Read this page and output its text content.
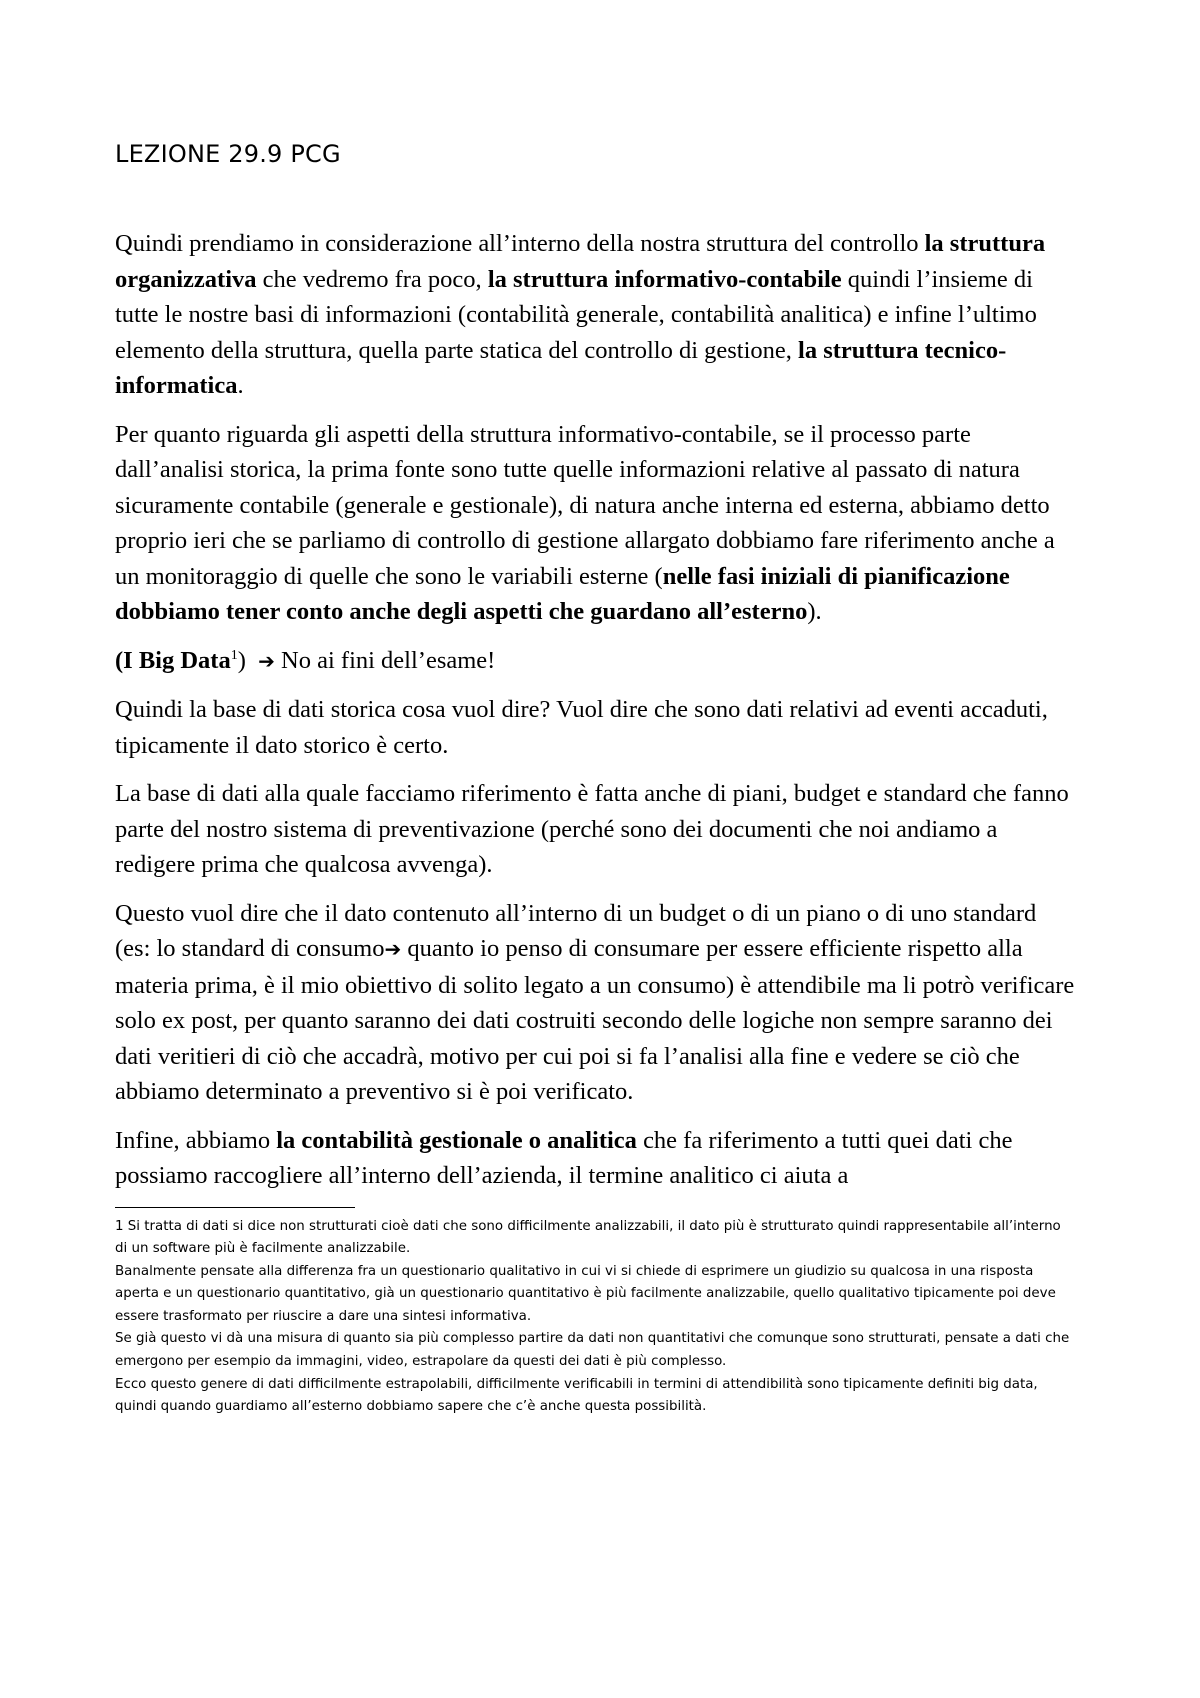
LEZIONE 29.9 PCG

Quindi prendiamo in considerazione all’interno della nostra struttura del controllo la struttura organizzativa che vedremo fra poco, la struttura informativo-contabile quindi l’insieme di tutte le nostre basi di informazioni (contabilità generale, contabilità analitica) e infine l’ultimo elemento della struttura, quella parte statica del controllo di gestione, la struttura tecnico-informatica.

Per quanto riguarda gli aspetti della struttura informativo-contabile, se il processo parte dall’analisi storica, la prima fonte sono tutte quelle informazioni relative al passato di natura sicuramente contabile (generale e gestionale), di natura anche interna ed esterna, abbiamo detto proprio ieri che se parliamo di controllo di gestione allargato dobbiamo fare riferimento anche a un monitoraggio di quelle che sono le variabili esterne (nelle fasi iniziali di pianificazione dobbiamo tener conto anche degli aspetti che guardano all’esterno).

(I Big Data$^1$) ➔ No ai fini dell’esame!

Quindi la base di dati storica cosa vuol dire? Vuol dire che sono dati relativi ad eventi accaduti, tipicamente il dato storico è certo.

La base di dati alla quale facciamo riferimento è fatta anche di piani, budget e standard che fanno parte del nostro sistema di preventivazione (perché sono dei documenti che noi andiamo a redigere prima che qualcosa avvenga).

Questo vuol dire che il dato contenuto all’interno di un budget o di un piano o di uno standard (es: lo standard di consumo➔ quanto io penso di consumare per essere efficiente rispetto alla materia prima, è il mio obiettivo di solito legato a un consumo) è attendibile ma li potrò verificare solo ex post, per quanto saranno dei dati costruiti secondo delle logiche non sempre saranno dei dati veritieri di ciò che accadrà, motivo per cui poi si fa l’analisi alla fine e vedere se ciò che abbiamo determinato a preventivo si è poi verificato.

Infine, abbiamo la contabilità gestionale o analitica che fa riferimento a tutti quei dati che possiamo raccogliere all’interno dell’azienda, il termine analitico ci aiuta a

1 Si tratta di dati si dice non strutturati cioè dati che sono difficilmente analizzabili, il dato più è strutturato quindi rappresentabile all’interno di un software più è facilmente analizzabile.

Banalmente pensate alla differenza fra un questionario qualitativo in cui vi si chiede di esprimere un giudizio su qualcosa in una risposta aperta e un questionario quantitativo, già un questionario quantitativo è più facilmente analizzabile, quello qualitativo tipicamente poi deve essere trasformato per riuscire a dare una sintesi informativa.

Se già questo vi dà una misura di quanto sia più complesso partire da dati non quantitativi che comunque sono strutturati, pensate a dati che emergono per esempio da immagini, video, estrapolare da questi dei dati è più complesso.

Ecco questo genere di dati difficilmente estrapolabili, difficilmente verificabili in termini di attendibilità sono tipicamente definiti big data, quindi quando guardiamo all’esterno dobbiamo sapere che c’è anche questa possibilità.
